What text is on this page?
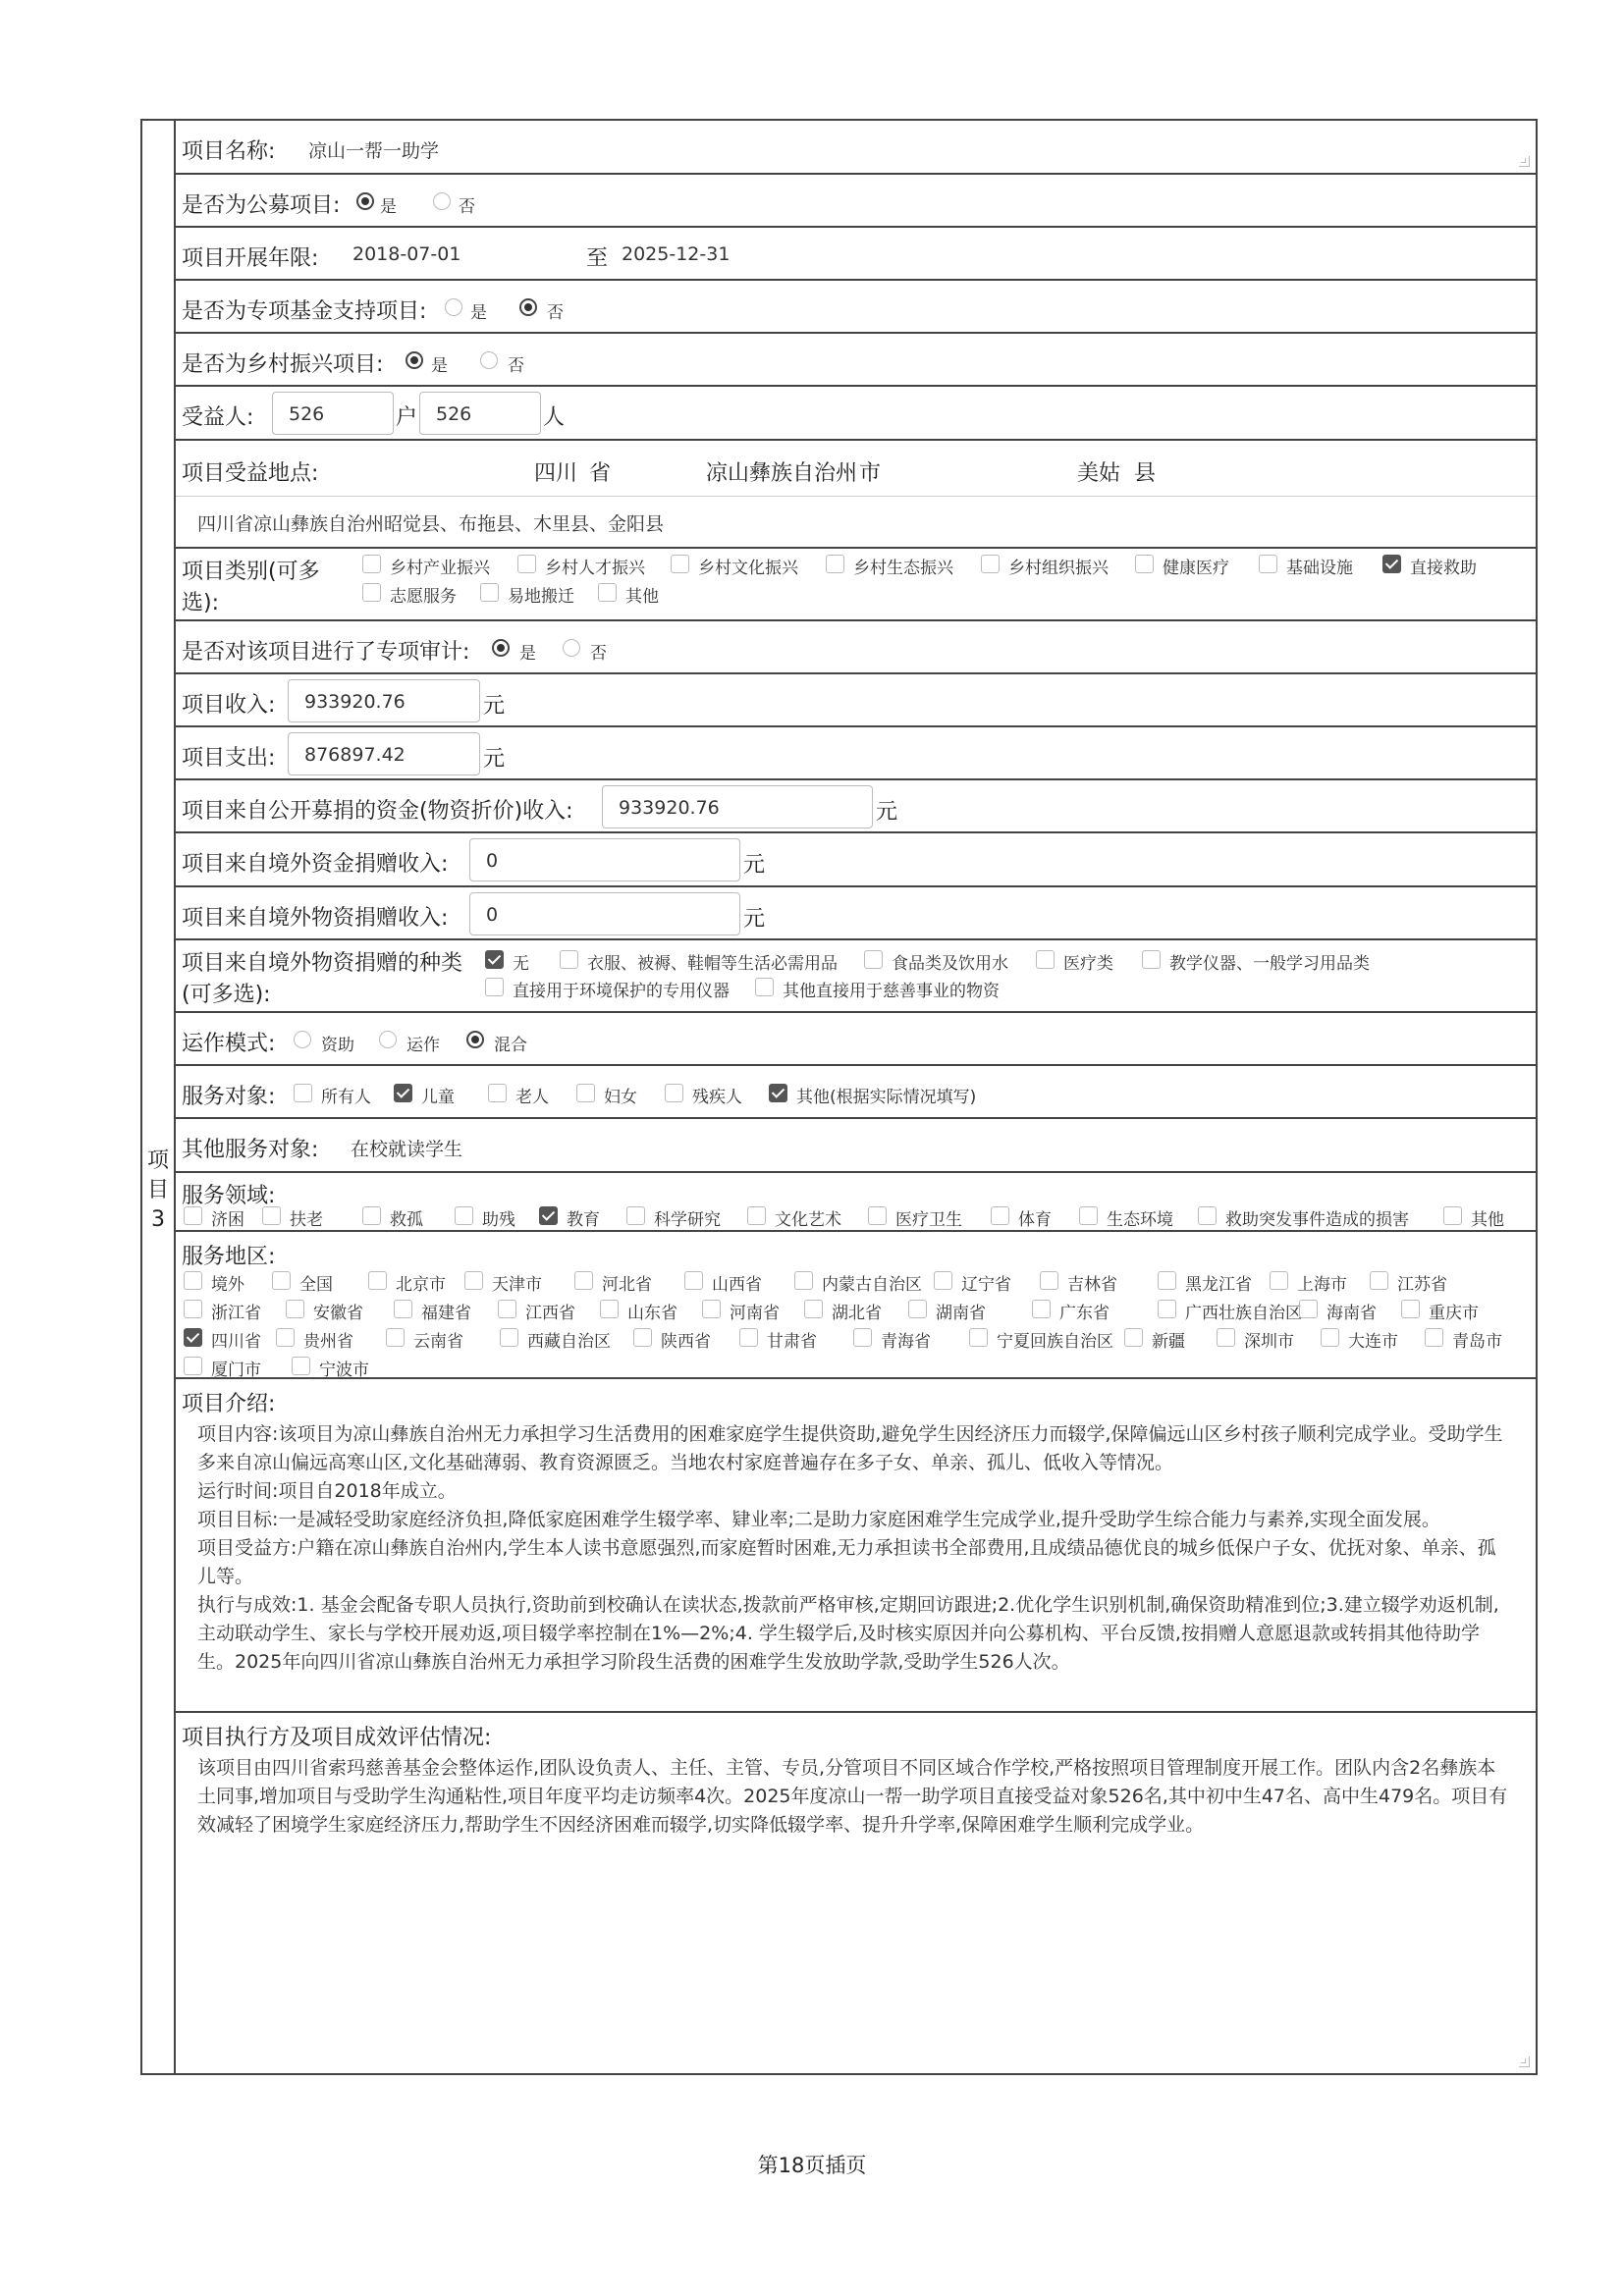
项
目
3
项目名称: 凉山一帮一助学
是否为公募项目: 是	否
项目开展年限: 2018-07-01	至 2025-12-31
是否为专项基金支持项目:	是	否
是否为乡村振兴项目:	是	否
受益人:	526	户 526	人
项目受益地点:	四川 省	凉山彝族自治州 市	美姑 县
四川省凉山彝族自治州昭觉县、布拖县、木里县、金阳县
项目类别(可多
选):
乡村产业振兴	乡村人才振兴	乡村文化振兴	乡村生态振兴	乡村组织振兴	健康医疗	基础设施	直接救助
志愿服务	易地搬迁	其他
是否对该项目进行了专项审计:	是	否
项目收入:	933920.76	元
项目支出:	876897.42	元
项目来自公开募捐的资金(物资折价)收入:	933920.76	元
项目来自境外资金捐赠收入:	0	元
项目来自境外物资捐赠收入:	0	元
项目来自境外物资捐赠的种类
(可多选):
无	衣服、被褥、鞋帽等生活必需用品	食品类及饮用水	医疗类	教学仪器、一般学习用品类
直接用于环境保护的专用仪器	其他直接用于慈善事业的物资
运作模式:	资助	运作	混合
服务对象:	所有人	儿童	老人	妇女	残疾人	其他(根据实际情况填写)
其他服务对象: 在校就读学生
服务领域:
济困	扶老	救孤	助残	教育	科学研究	文化艺术	医疗卫生	体育	生态环境	救助突发事件造成的损害	其他
服务地区:
境外	全国	北京市	天津市	河北省	山西省	内蒙古自治区 辽宁省	吉林省	黑龙江省	上海市	江苏省
浙江省	安徽省	福建省	江西省	山东省	河南省	湖北省	湖南省	广东省	广西壮族自治区 海南省	重庆市
四川省	贵州省	云南省	西藏自治区	陕西省	甘肃省	青海省	宁夏回族自治区 新疆	深圳市	大连市	青岛市
厦门市	宁波市
项目介绍:
项目内容:该项目为凉山彝族自治州无力承担学习生活费用的困难家庭学生提供资助,避免学生因经济压力而辍学,保障偏远山区乡村孩子顺利完成学业。受助学生多来自凉山偏远高寒山区,文化基础薄弱、教育资源匮乏。当地农村家庭普遍存在多子女、单亲、孤儿、低收入等情况。
运行时间:项目自2018年成立。
项目目标:一是减轻受助家庭经济负担,降低家庭困难学生辍学率、肄业率;二是助力家庭困难学生完成学业,提升受助学生综合能力与素养,实现全面发展。
项目受益方:户籍在凉山彝族自治州内,学生本人读书意愿强烈,而家庭暂时困难,无力承担读书全部费用,且成绩品德优良的城乡低保户子女、优抚对象、单亲、孤儿等。
执行与成效:1. 基金会配备专职人员执行,资助前到校确认在读状态,拨款前严格审核,定期回访跟进;2.优化学生识别机制,确保资助精准到位;3.建立辍学劝返机制,主动联动学生、家长与学校开展劝返,项目辍学率控制在1%—2%;4. 学生辍学后,及时核实原因并向公募机构、平台反馈,按捐赠人意愿退款或转捐其他待助学生。2025年向四川省凉山彝族自治州无力承担学习阶段生活费的困难学生发放助学款,受助学生526人次。
项目执行方及项目成效评估情况:
该项目由四川省索玛慈善基金会整体运作,团队设负责人、主任、主管、专员,分管项目不同区域合作学校,严格按照项目管理制度开展工作。团队内含2名彝族本土同事,增加项目与受助学生沟通粘性,项目年度平均走访频率4次。2025年度凉山一帮一助学项目直接受益对象526名,其中初中生47名、高中生479名。项目有效减轻了困境学生家庭经济压力,帮助学生不因经济困难而辍学,切实降低辍学率、提升升学率,保障困难学生顺利完成学业。
第18页插页
